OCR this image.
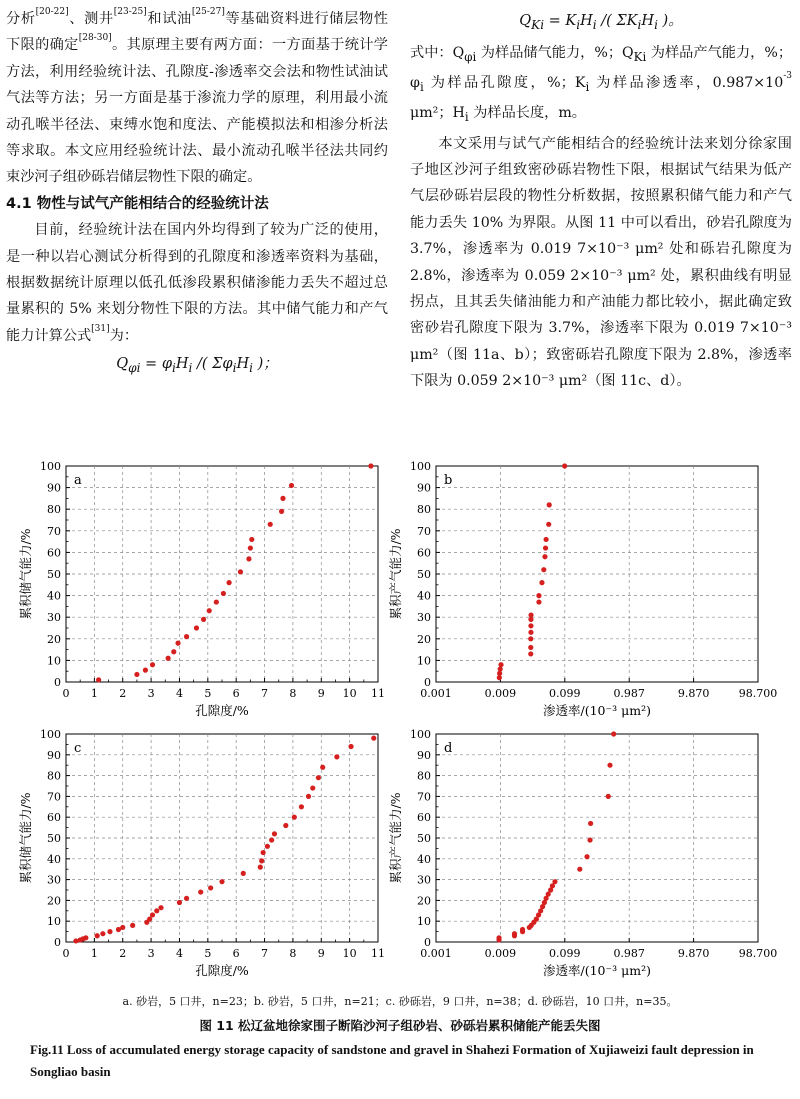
分析[20-22]、测井[23-25]和试油[25-27]等基础资料进行储层物性下限的确定[28-30]。其原理主要有两方面：一方面基于统计学方法，利用经验统计法、孔隙度-渗透率交会法和物性试油试气法等方法；另一方面是基于渗流力学的原理，利用最小流动孔喉半径法、束缚水饱和度法、产能模拟法和相渗分析法等求取。本文应用经验统计法、最小流动孔喉半径法共同约束沙河子组砂砾岩储层物性下限的确定。

4.1 物性与试气产能相结合的经验统计法

目前，经验统计法在国内外均得到了较为广泛的使用，是一种以岩心测试分析得到的孔隙度和渗透率资料为基础，根据数据统计原理以低孔低渗段累积储渗能力丢失不超过总量累积的 5% 来划分物性下限的方法。其中储气能力和产气能力计算公式[31]为：

$Q_{\varphi i} = \varphi_iH_i$ /( $\Sigma\varphi_iH_i$ )；

$Q_{Ki} = K_iH_i$ /( $\Sigma K_iH_i$ )。

式中：$Q_{\varphi i}$ 为样品储气能力，%；$Q_{Ki}$ 为样品产气能力，%；$\varphi_i$ 为样品孔隙度，%；$K_i$ 为样品渗透率，$0.987\times 10^{-3}$ μm²；$H_i$ 为样品长度，m。

本文采用与试气产能相结合的经验统计法来划分徐家围子地区沙河子组致密砂砾岩物性下限，根据试气结果为低产气层砂砾岩层段的物性分析数据，按照累积储气能力和产气能力丢失 10% 为界限。从图 11 中可以看出，砂岩孔隙度为 3.7%，渗透率为 0.019 7×10⁻³ μm² 处和砾岩孔隙度为 2.8%，渗透率为 0.059 2×10⁻³ μm² 处，累积曲线有明显拐点，且其丢失储油能力和产油能力都比较小，据此确定致密砂岩孔隙度下限为 3.7%，渗透率下限为 0.019 7×10⁻³ μm²（图 11a、b）；致密砾岩孔隙度下限为 2.8%，渗透率下限为 0.059 2×10⁻³ μm²（图 11c、d）。

0
10
20
30
40
50
60
70
80
90
100
0 1 2 3 4 5 6 7 8 9 10 11
a
孔隙度/%
累积储气能力/%
0
10
20
30
40
50
60
70
80
90
100
0.001	0.009	0.099	0.987	9.870	98.700
b
渗透率/(10⁻³ μm²)
累积产气能力/%
0
10
20
30
40
50
60
70
80
90
100
0 1 2 3 4 5 6 7 8 9 10 11
c
孔隙度/%
累积储气能力/%
0
10
20
30
40
50
60
70
80
90
100
0.001	0.009	0.099	0.987	9.870	98.700
d
渗透率/(10⁻³ μm²)
累积产气能力/%

a. 砂岩，5 口井，n=23；b. 砂岩，5 口井，n=21；c. 砂砾岩，9 口井，n=38；d. 砂砾岩，10 口井，n=35。

图 11 松辽盆地徐家围子断陷沙河子组砂岩、砂砾岩累积储能产能丢失图

Fig.11 Loss of accumulated energy storage capacity of sandstone and gravel in Shahezi Formation of Xujiaweizi fault depression in Songliao basin
